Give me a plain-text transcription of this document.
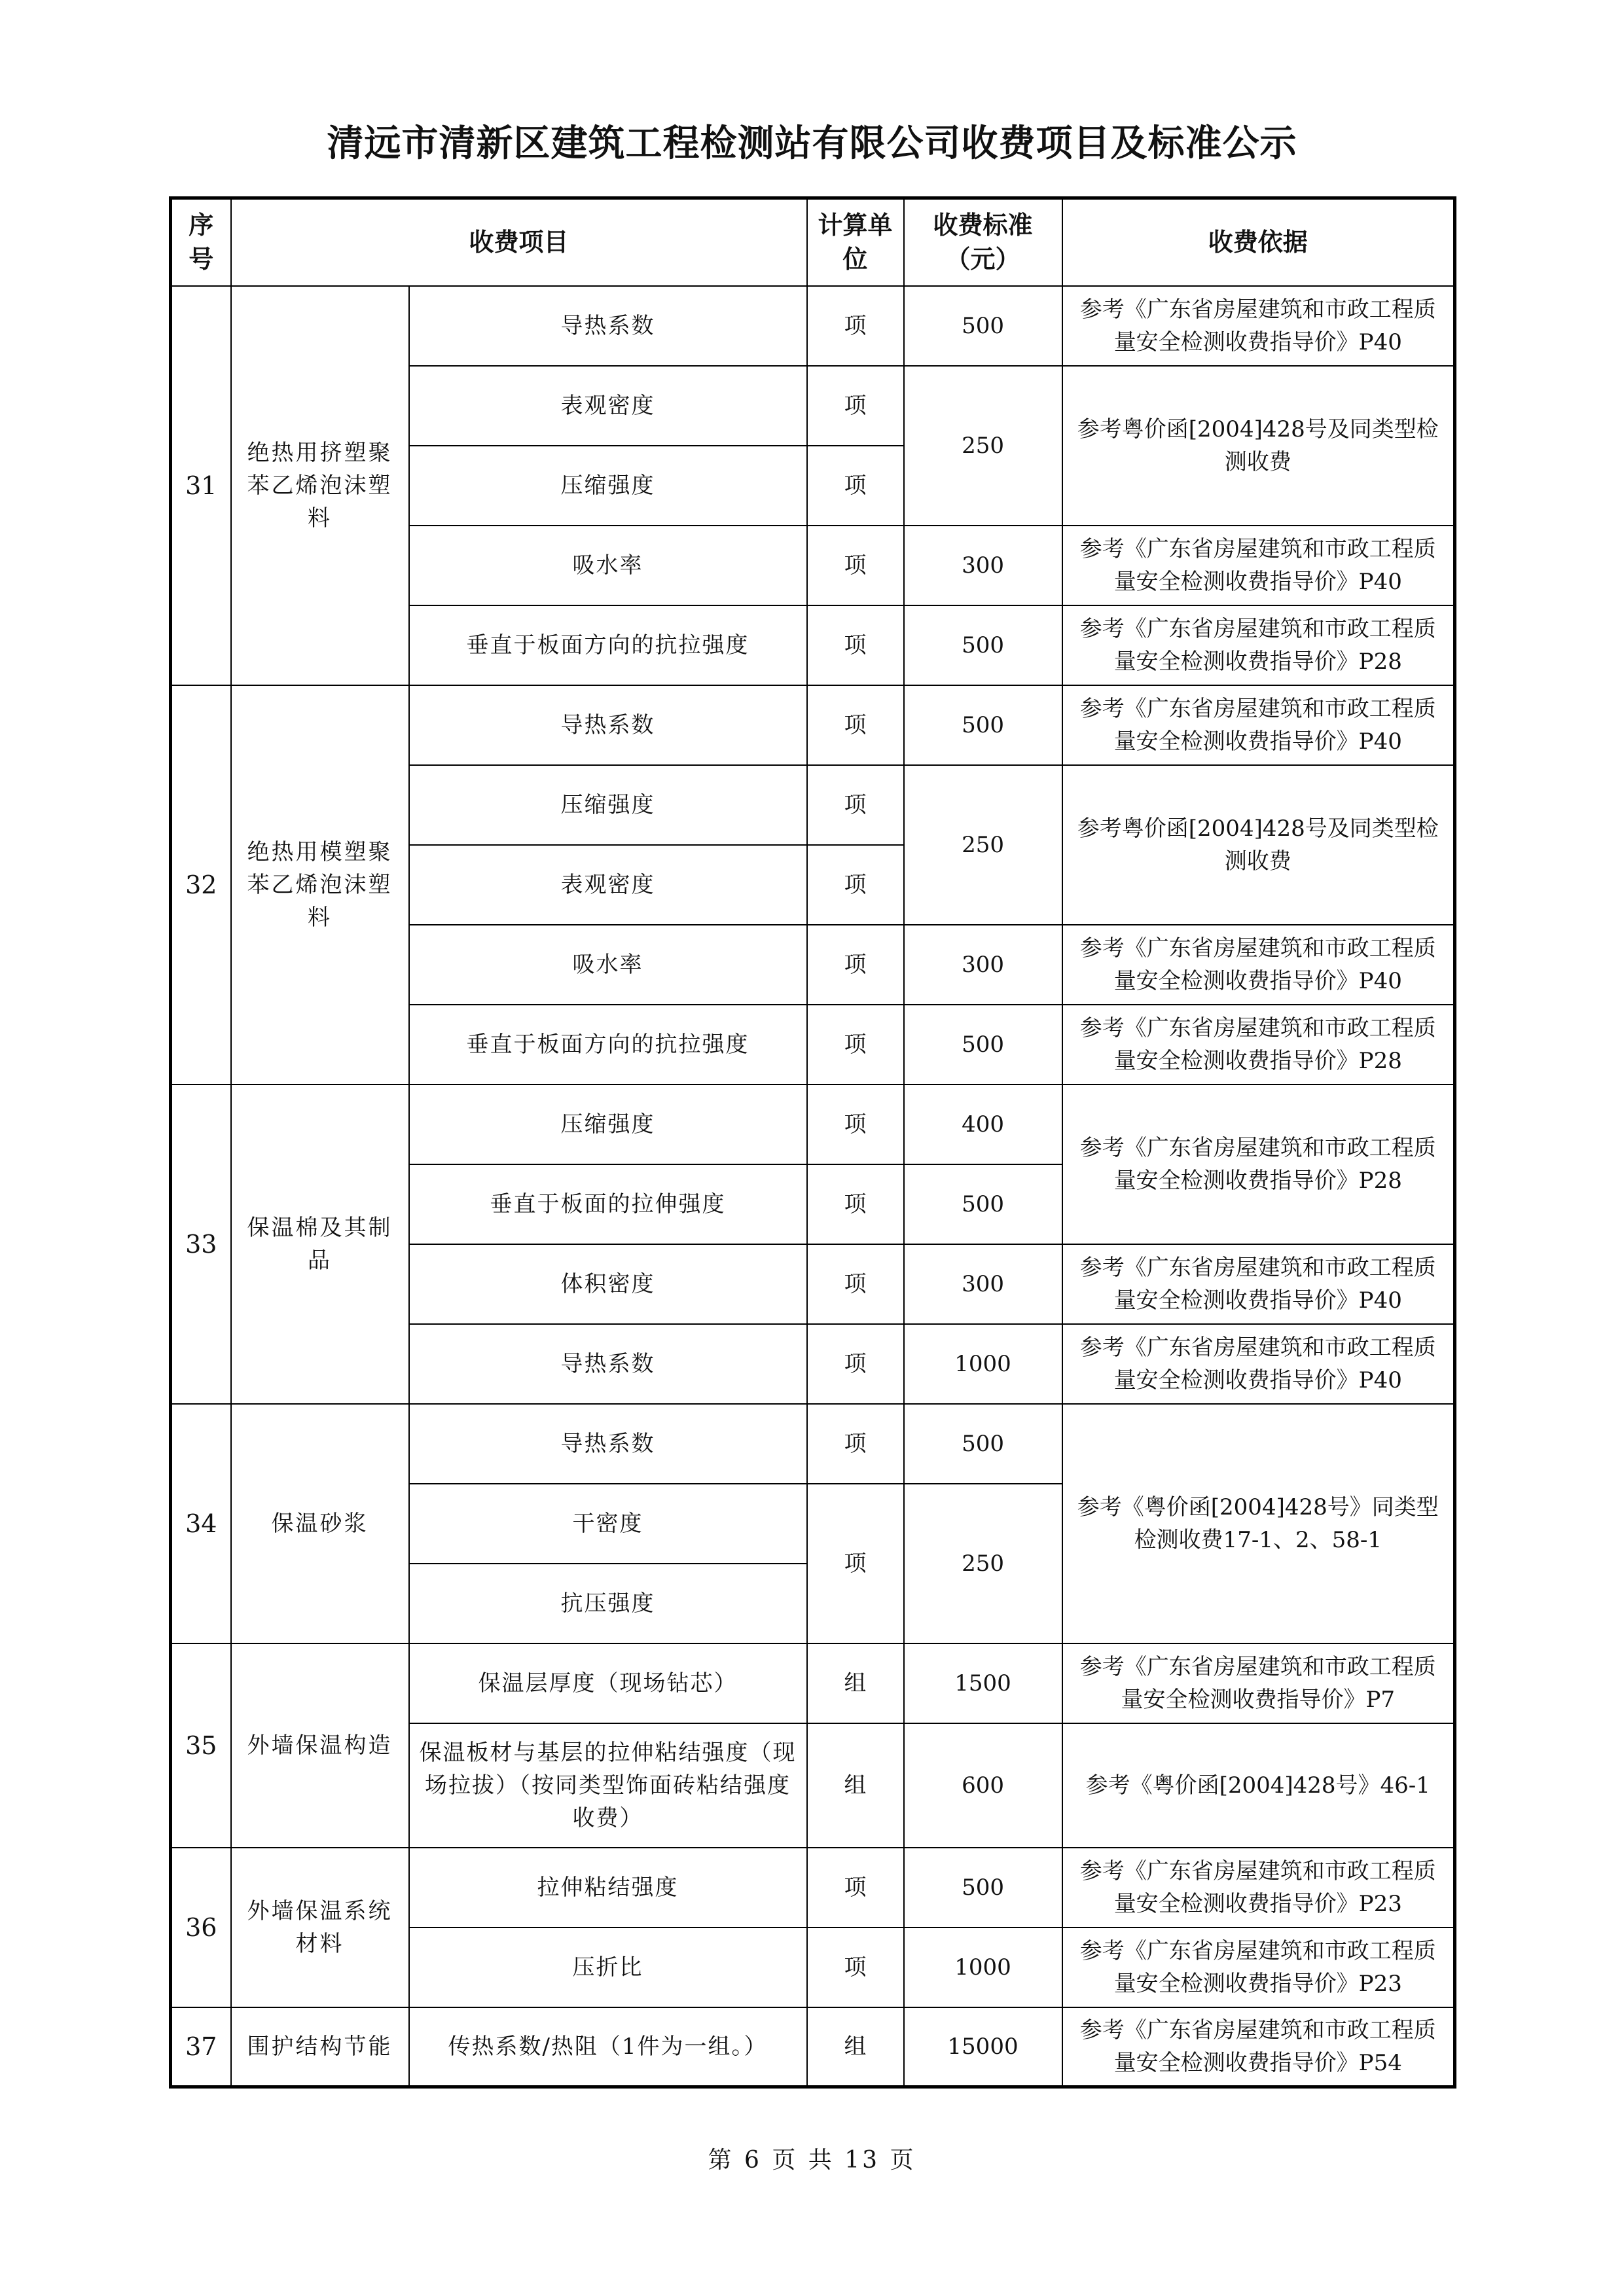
清远市清新区建筑工程检测站有限公司收费项目及标准公示
序号	收费项目		计算单位	收费标准（元）	收费依据
31	绝热用挤塑聚苯乙烯泡沫塑料	导热系数	项	500	参考《广东省房屋建筑和市政工程质量安全检测收费指导价》P40
		表观密度	项	250	参考粤价函[2004]428号及同类型检测收费
		压缩强度	项		
		吸水率	项	300	参考《广东省房屋建筑和市政工程质量安全检测收费指导价》P40
		垂直于板面方向的抗拉强度	项	500	参考《广东省房屋建筑和市政工程质量安全检测收费指导价》P28
32	绝热用模塑聚苯乙烯泡沫塑料	导热系数	项	500	参考《广东省房屋建筑和市政工程质量安全检测收费指导价》P40
		压缩强度	项	250	参考粤价函[2004]428号及同类型检测收费
		表观密度	项		
		吸水率	项	300	参考《广东省房屋建筑和市政工程质量安全检测收费指导价》P40
		垂直于板面方向的抗拉强度	项	500	参考《广东省房屋建筑和市政工程质量安全检测收费指导价》P28
33	保温棉及其制品	压缩强度	项	400	参考《广东省房屋建筑和市政工程质量安全检测收费指导价》P28
		垂直于板面的拉伸强度	项	500	
		体积密度	项	300	参考《广东省房屋建筑和市政工程质量安全检测收费指导价》P40
		导热系数	项	1000	参考《广东省房屋建筑和市政工程质量安全检测收费指导价》P40
34	保温砂浆	导热系数	项	500	参考《粤价函[2004]428号》同类型检测收费17-1、2、58-1
		干密度	项	250	
		抗压强度			
35	外墙保温构造	保温层厚度（现场钻芯）	组	1500	参考《广东省房屋建筑和市政工程质量安全检测收费指导价》P7
		保温板材与基层的拉伸粘结强度（现场拉拔）（按同类型饰面砖粘结强度收费）	组	600	参考《粤价函[2004]428号》46-1
36	外墙保温系统材料	拉伸粘结强度	项	500	参考《广东省房屋建筑和市政工程质量安全检测收费指导价》P23
		压折比	项	1000	参考《广东省房屋建筑和市政工程质量安全检测收费指导价》P23
37	围护结构节能	传热系数/热阻（1件为一组。）	组	15000	参考《广东省房屋建筑和市政工程质量安全检测收费指导价》P54
第 6 页 共 13 页
